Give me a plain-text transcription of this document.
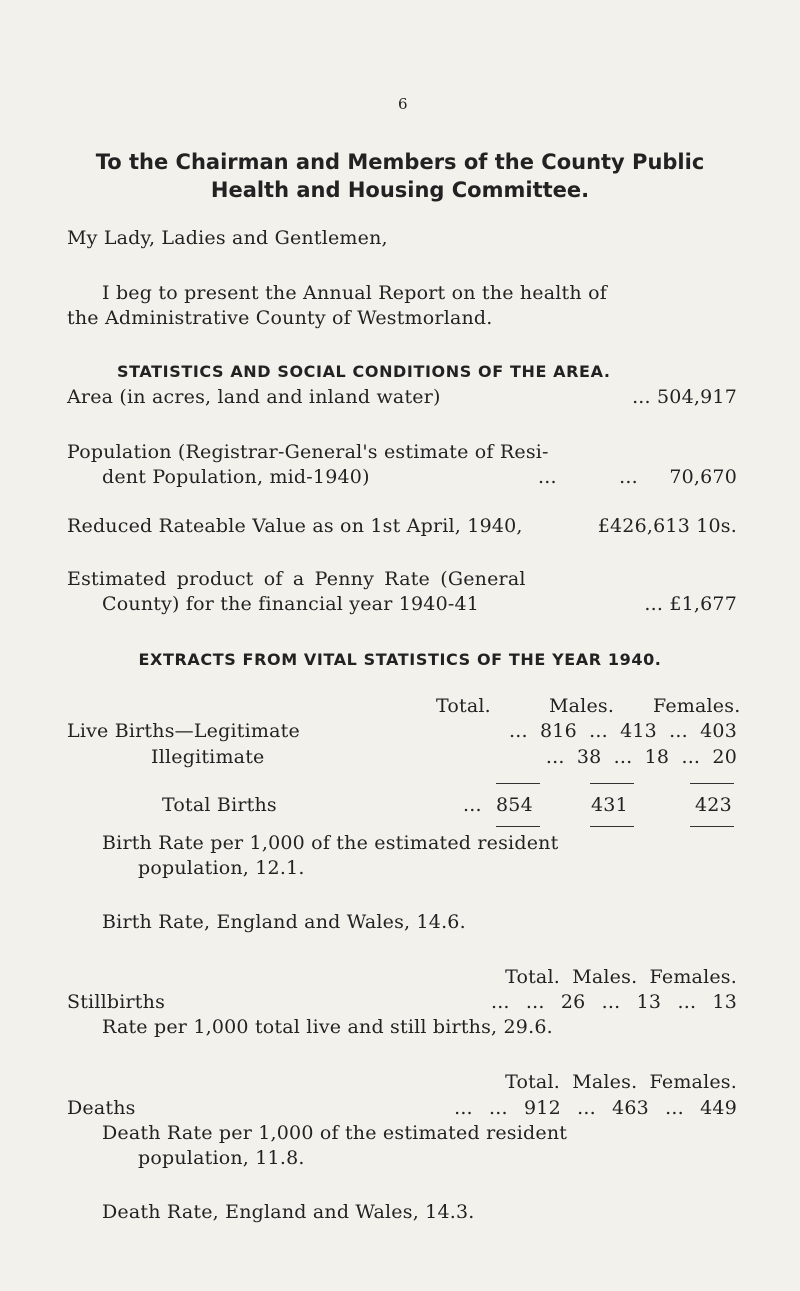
6
To the Chairman and Members of the County Public
Health and Housing Committee.
My Lady, Ladies and Gentlemen,
I beg to present the Annual Report on the health of
the Administrative County of Westmorland.
STATISTICS AND SOCIAL CONDITIONS OF THE AREA.
Area (in acres, land and inland water)	... 504,917
Population (Registrar-General's estimate of Resi-
dent Population, mid-1940)	...          ... 70,670
Reduced Rateable Value as on 1st April, 1940,	£426,613 10s.
Estimated product of a Penny Rate (General
County) for the financial year 1940-41	... £1,677
EXTRACTS FROM VITAL STATISTICS OF THE YEAR 1940.
Total.	Males. Females.
Live Births—Legitimate	... 816 ... 413 ... 403
Illegitimate	... 38 ... 18 ... 20
Total Births	... 854	431	423
Birth Rate per 1,000 of the estimated resident
population, 12.1.
Birth Rate, England and Wales, 14.6.
Total. Males. Females.
Stillbirths	... ... 26 ... 13 ... 13
Rate per 1,000 total live and still births, 29.6.
Total. Males. Females.
Deaths	... ... 912 ... 463 ... 449
Death Rate per 1,000 of the estimated resident
population, 11.8.
Death Rate, England and Wales, 14.3.
